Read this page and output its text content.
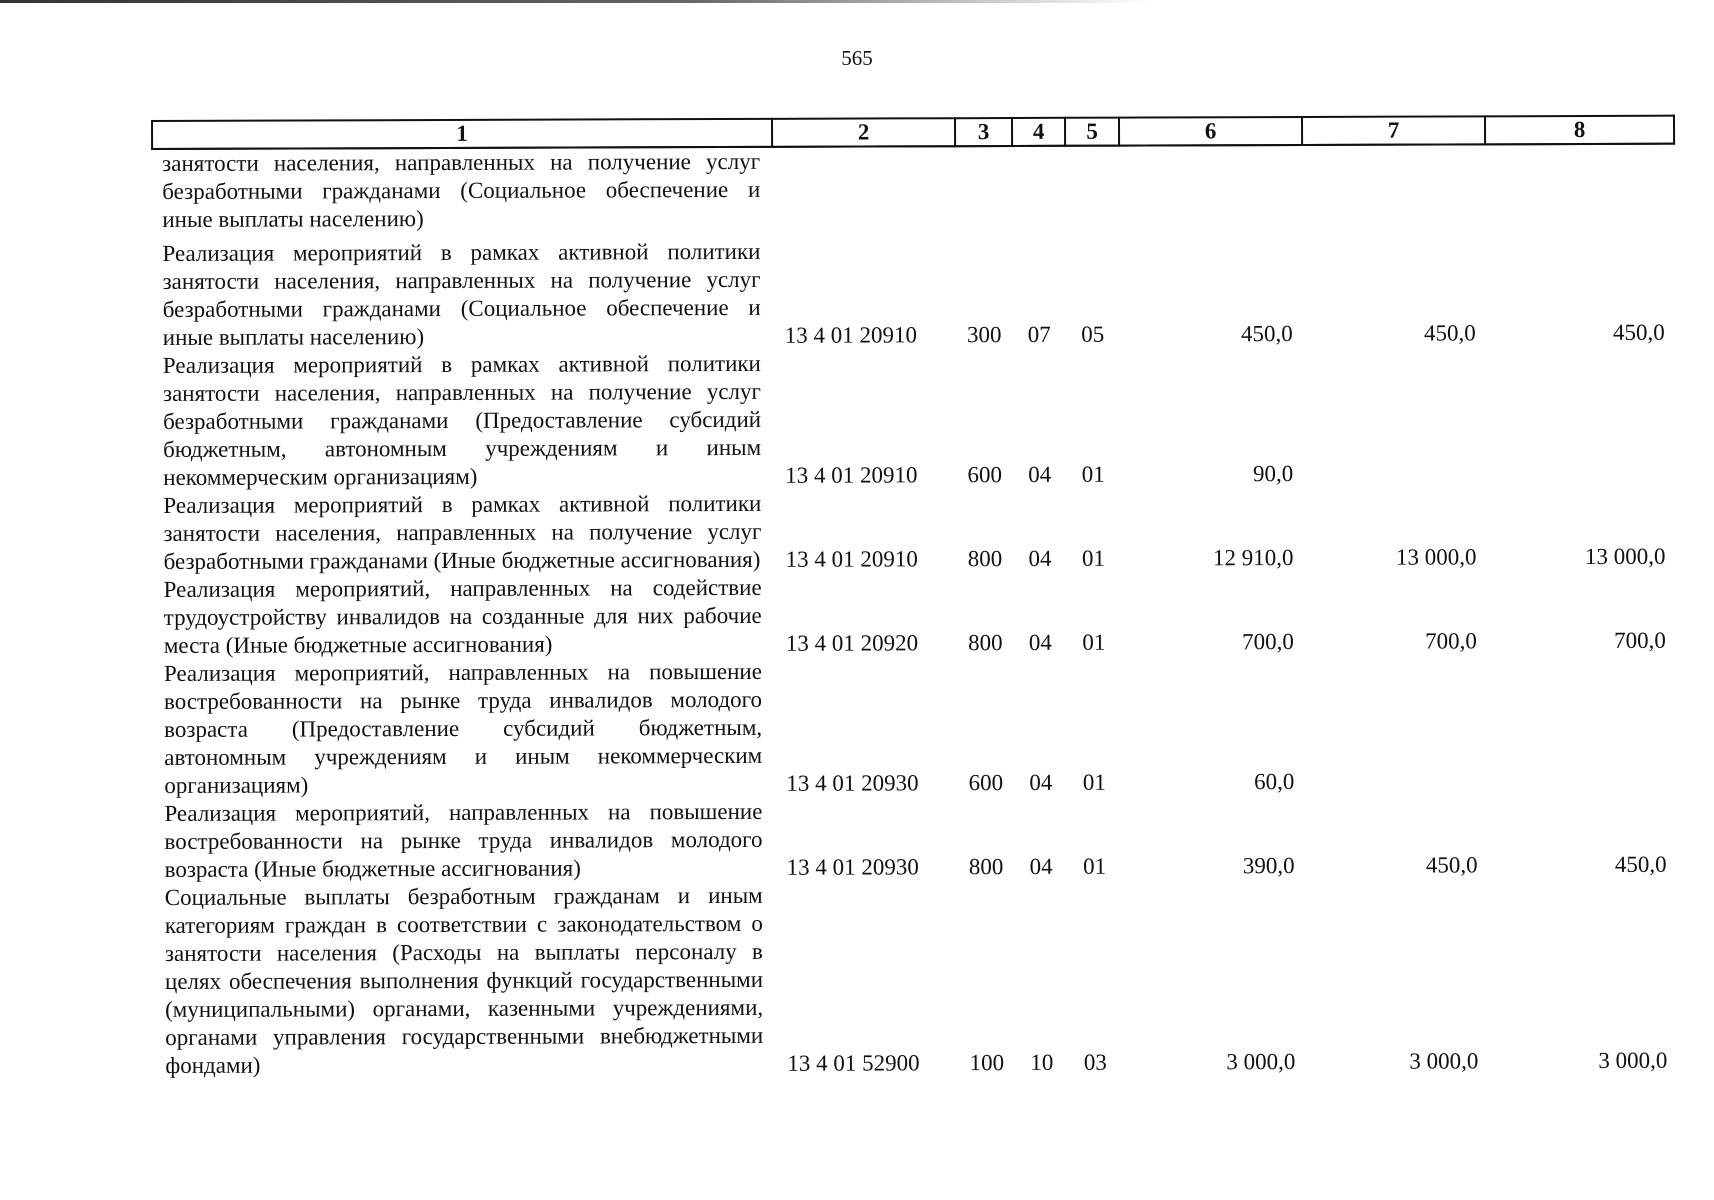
565
1	2	3	4	5	6	7	8
занятости населения, направленных на получение услуг безработными гражданами (Социальное обеспечение и иные выплаты населению)							
Реализация мероприятий в рамках активной политики занятости населения, направленных на получение услуг безработными гражданами (Социальное обеспечение и иные выплаты населению)	13 4 01 20910	300	07	05	450,0	450,0	450,0
Реализация мероприятий в рамках активной политики занятости населения, направленных на получение услуг безработными гражданами (Предоставление субсидий бюджетным, автономным учреждениям и иным некоммерческим организациям)	13 4 01 20910	600	04	01	90,0		
Реализация мероприятий в рамках активной политики занятости населения, направленных на получение услуг безработными гражданами (Иные бюджетные ассигнования)	13 4 01 20910	800	04	01	12 910,0	13 000,0	13 000,0
Реализация мероприятий, направленных на содействие трудоустройству инвалидов на созданные для них рабочие места (Иные бюджетные ассигнования)	13 4 01 20920	800	04	01	700,0	700,0	700,0
Реализация мероприятий, направленных на повышение востребованности на рынке труда инвалидов молодого возраста (Предоставление субсидий бюджетным, автономным учреждениям и иным некоммерческим организациям)	13 4 01 20930	600	04	01	60,0		
Реализация мероприятий, направленных на повышение востребованности на рынке труда инвалидов молодого возраста (Иные бюджетные ассигнования)	13 4 01 20930	800	04	01	390,0	450,0	450,0
Социальные выплаты безработным гражданам и иным категориям граждан в соответствии с законодательством о занятости населения (Расходы на выплаты персоналу в целях обеспечения выполнения функций государственными (муниципальными) органами, казенными учреждениями, органами управления государственными внебюджетными фондами)	13 4 01 52900	100	10	03	3 000,0	3 000,0	3 000,0
